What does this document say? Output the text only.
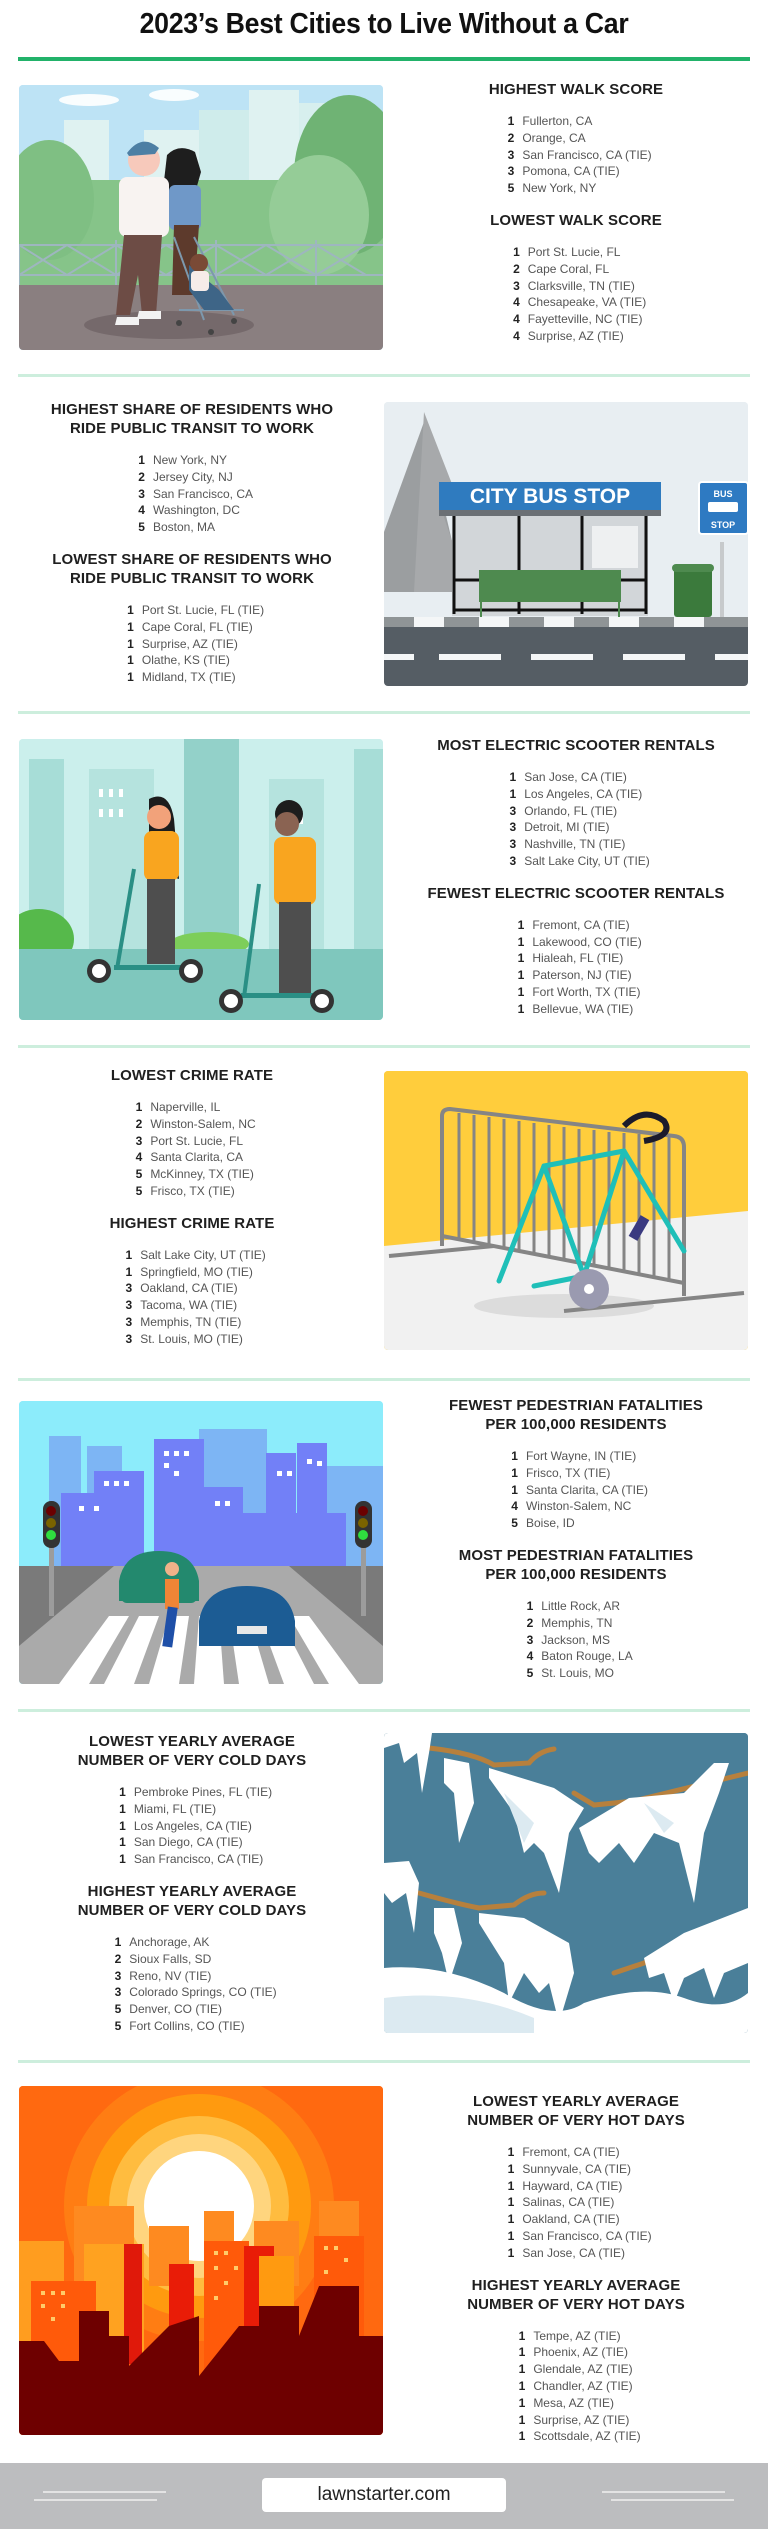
2023’s Best Cities to Live Without a Car
HIGHEST WALK SCORE
1 Fullerton, CA
2 Orange, CA
3 San Francisco, CA (TIE)
3 Pomona, CA (TIE)
5 New York, NY
LOWEST WALK SCORE
1 Port St. Lucie, FL
2 Cape Coral, FL
3 Clarksville, TN (TIE)
4 Chesapeake, VA (TIE)
4 Fayetteville, NC (TIE)
4 Surprise, AZ (TIE)
HIGHEST SHARE OF RESIDENTS WHO
RIDE PUBLIC TRANSIT TO WORK
1 New York, NY
2 Jersey City, NJ
3 San Francisco, CA
4 Washington, DC
5 Boston, MA
LOWEST SHARE OF RESIDENTS WHO
RIDE PUBLIC TRANSIT TO WORK
1 Port St. Lucie, FL (TIE)
1 Cape Coral, FL (TIE)
1 Surprise, AZ (TIE)
1 Olathe, KS (TIE)
1 Midland, TX (TIE)
CITY BUS STOP	BUS
STOP
MOST ELECTRIC SCOOTER RENTALS
1 San Jose, CA (TIE)
1 Los Angeles, CA (TIE)
3 Orlando, FL (TIE)
3 Detroit, MI (TIE)
3 Nashville, TN (TIE)
3 Salt Lake City, UT (TIE)
FEWEST ELECTRIC SCOOTER RENTALS
1 Fremont, CA (TIE)
1 Lakewood, CO (TIE)
1 Hialeah, FL (TIE)
1 Paterson, NJ (TIE)
1 Fort Worth, TX (TIE)
1 Bellevue, WA (TIE)
LOWEST CRIME RATE
1 Naperville, IL
2 Winston-Salem, NC
3 Port St. Lucie, FL
4 Santa Clarita, CA
5 McKinney, TX (TIE)
5 Frisco, TX (TIE)
HIGHEST CRIME RATE
1 Salt Lake City, UT (TIE)
1 Springfield, MO (TIE)
3 Oakland, CA (TIE)
3 Tacoma, WA (TIE)
3 Memphis, TN (TIE)
3 St. Louis, MO (TIE)
FEWEST PEDESTRIAN FATALITIES
PER 100,000 RESIDENTS
1 Fort Wayne, IN (TIE)
1 Frisco, TX (TIE)
1 Santa Clarita, CA (TIE)
4 Winston-Salem, NC
5 Boise, ID
MOST PEDESTRIAN FATALITIES
PER 100,000 RESIDENTS
1 Little Rock, AR
2 Memphis, TN
3 Jackson, MS
4 Baton Rouge, LA
5 St. Louis, MO
LOWEST YEARLY AVERAGE
NUMBER OF VERY COLD DAYS
1 Pembroke Pines, FL (TIE)
1 Miami, FL (TIE)
1 Los Angeles, CA (TIE)
1 San Diego, CA (TIE)
1 San Francisco, CA (TIE)
HIGHEST YEARLY AVERAGE
NUMBER OF VERY COLD DAYS
1 Anchorage, AK
2 Sioux Falls, SD
3 Reno, NV (TIE)
3 Colorado Springs, CO (TIE)
5 Denver, CO (TIE)
5 Fort Collins, CO (TIE)
LOWEST YEARLY AVERAGE
NUMBER OF VERY HOT DAYS
1 Fremont, CA (TIE)
1 Sunnyvale, CA (TIE)
1 Hayward, CA (TIE)
1 Salinas, CA (TIE)
1 Oakland, CA (TIE)
1 San Francisco, CA (TIE)
1 San Jose, CA (TIE)
HIGHEST YEARLY AVERAGE
NUMBER OF VERY HOT DAYS
1 Tempe, AZ (TIE)
1 Phoenix, AZ (TIE)
1 Glendale, AZ (TIE)
1 Chandler, AZ (TIE)
1 Mesa, AZ (TIE)
1 Surprise, AZ (TIE)
1 Scottsdale, AZ (TIE)
lawnstarter.com
